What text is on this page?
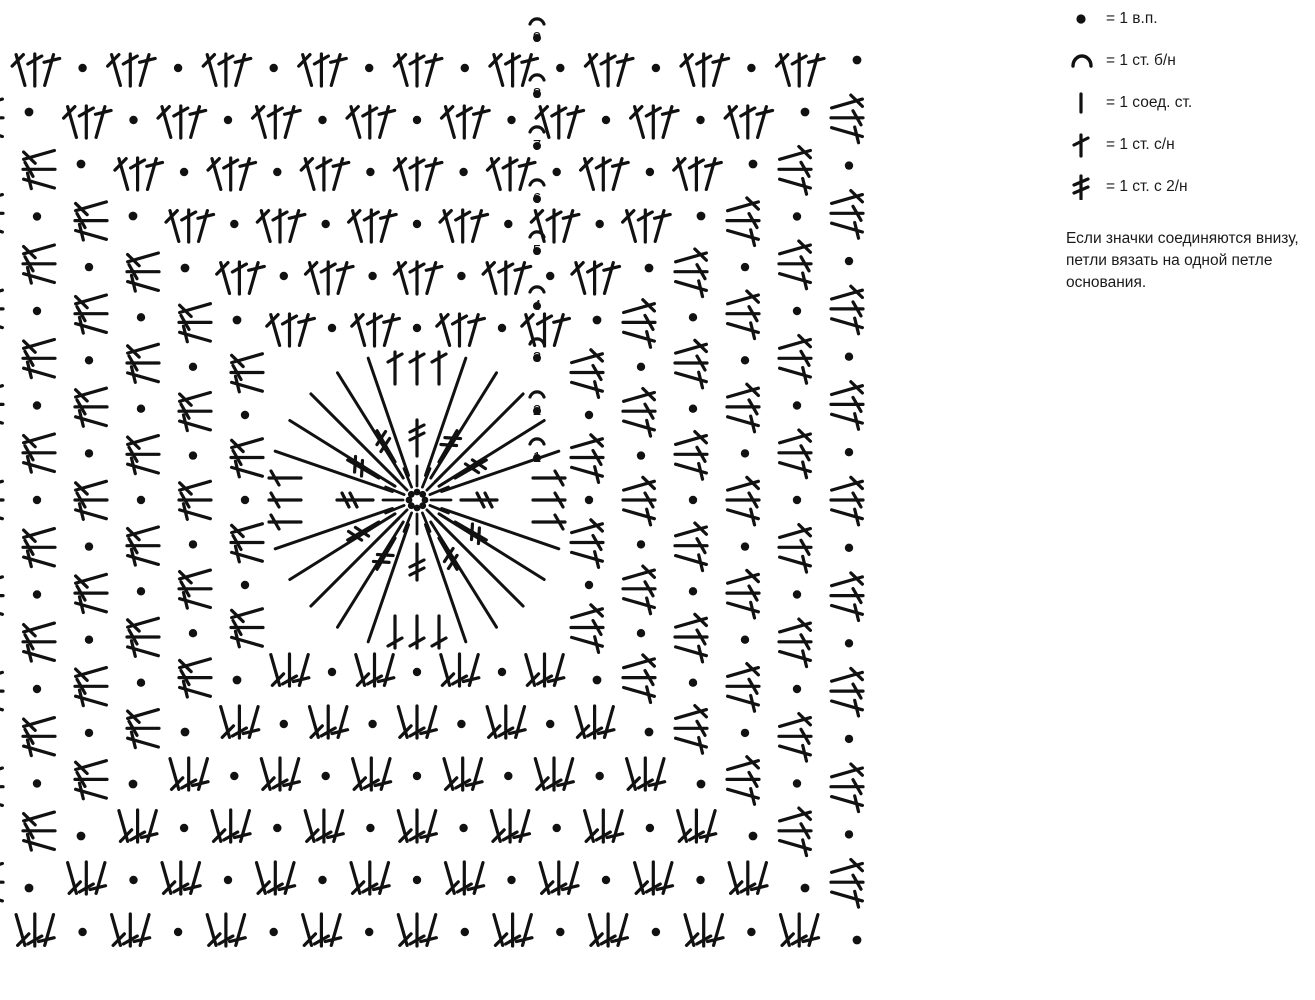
1
2
3
4
5
6
7
8
9
= 1 в.п.
= 1 ст. б/н
= 1 соед. ст.
= 1 ст. с/н
= 1 ст. с 2/н
Если значки соединяются внизу, петли вязать на одной петле основания.
